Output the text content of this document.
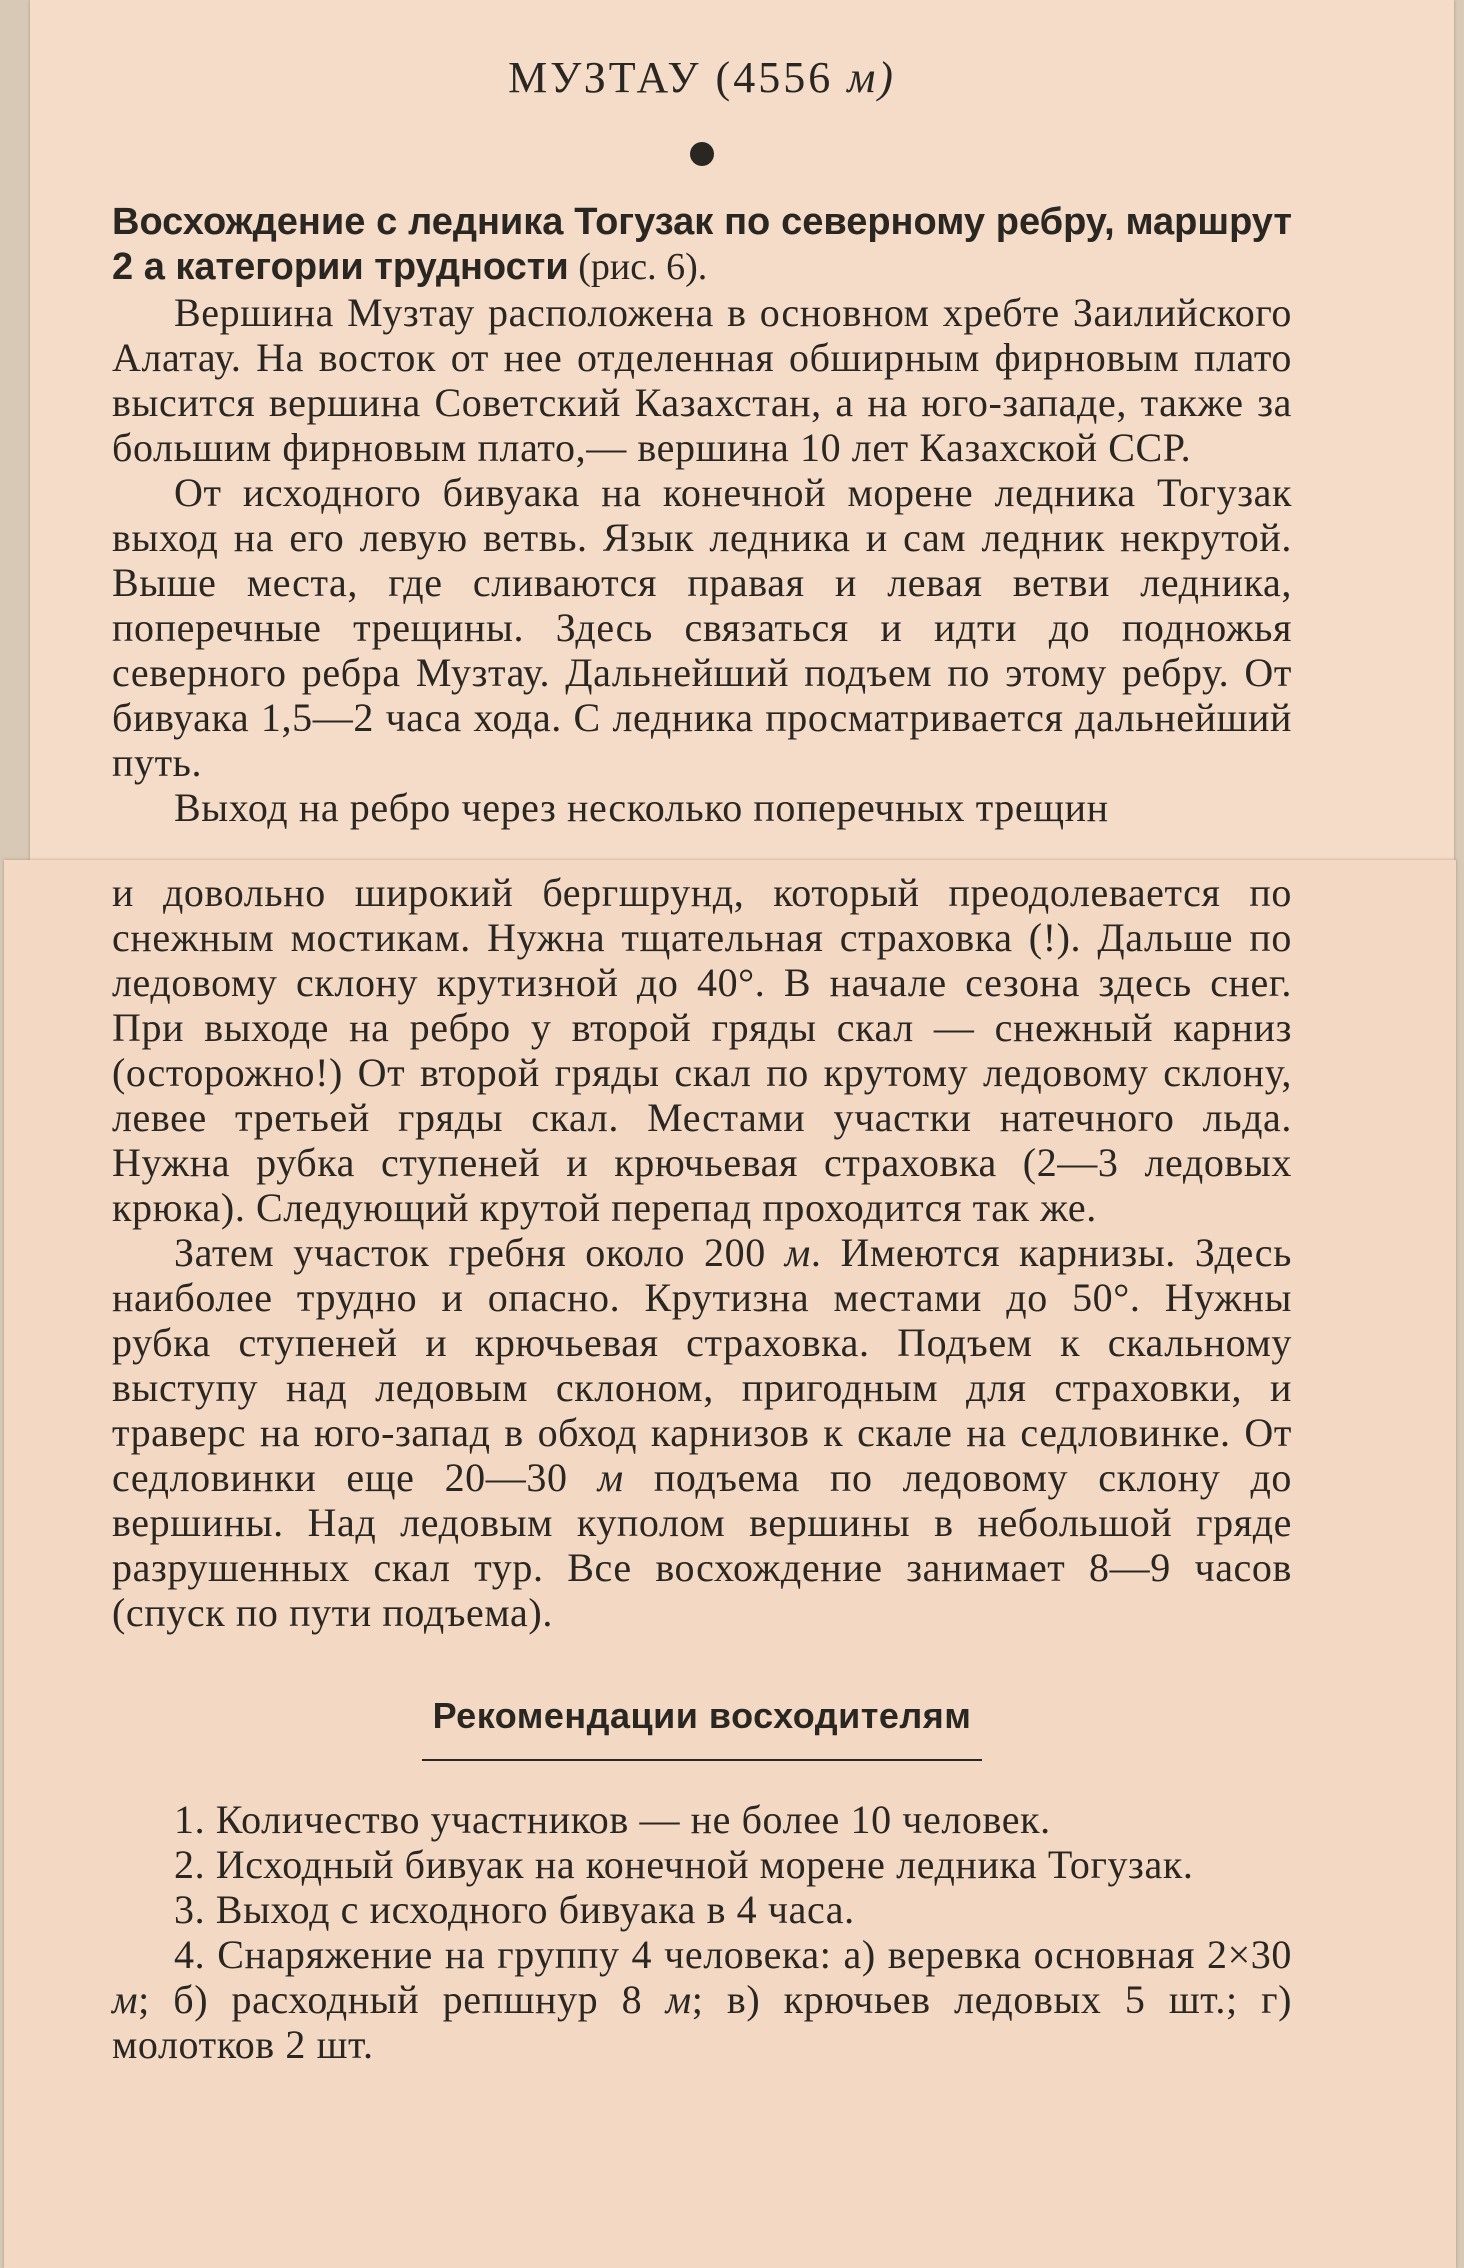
МУЗТАУ (4556 м)

Восхождение с ледника Тогузак по северному ребру, маршрут 2 а категории трудности (рис. 6).

Вершина Музтау расположена в основном хребте Заилийского Алатау. На восток от нее отделенная обширным фирновым плато высится вершина Советский Казахстан, а на юго-западе, также за большим фирновым плато,— вершина 10 лет Казахской ССР.

От исходного бивуака на конечной морене ледника Тогузак выход на его левую ветвь. Язык ледника и сам ледник некрутой. Выше места, где сливаются правая и левая ветви ледника, поперечные трещины. Здесь связаться и идти до подножья северного ребра Музтау. Дальнейший подъем по этому ребру. От бивуака 1,5—2 часа хода. С ледника просматривается дальнейший путь.

Выход на ребро через несколько поперечных трещин

и довольно широкий бергшрунд, который преодолевается по снежным мостикам. Нужна тщательная страховка (!). Дальше по ледовому склону крутизной до 40°. В начале сезона здесь снег. При выходе на ребро у второй гряды скал — снежный карниз (осторожно!) От второй гряды скал по крутому ледовому склону, левее третьей гряды скал. Местами участки натечного льда. Нужна рубка ступеней и крючьевая страховка (2—3 ледовых крюка). Следующий крутой перепад проходится так же.

Затем участок гребня около 200 м. Имеются карнизы. Здесь наиболее трудно и опасно. Крутизна местами до 50°. Нужны рубка ступеней и крючьевая страховка. Подъем к скальному выступу над ледовым склоном, пригодным для страховки, и траверс на юго-запад в обход карнизов к скале на седловинке. От седловинки еще 20—30 м подъема по ледовому склону до вершины. Над ледовым куполом вершины в небольшой гряде разрушенных скал тур. Все восхождение занимает 8—9 часов (спуск по пути подъема).

Рекомендации восходителям

1. Количество участников — не более 10 человек.

2. Исходный бивуак на конечной морене ледника Тогузак.

3. Выход с исходного бивуака в 4 часа.

4. Снаряжение на группу 4 человека: а) веревка основная 2×30 м; б) расходный репшнур 8 м; в) крючьев ледовых 5 шт.; г) молотков 2 шт.
